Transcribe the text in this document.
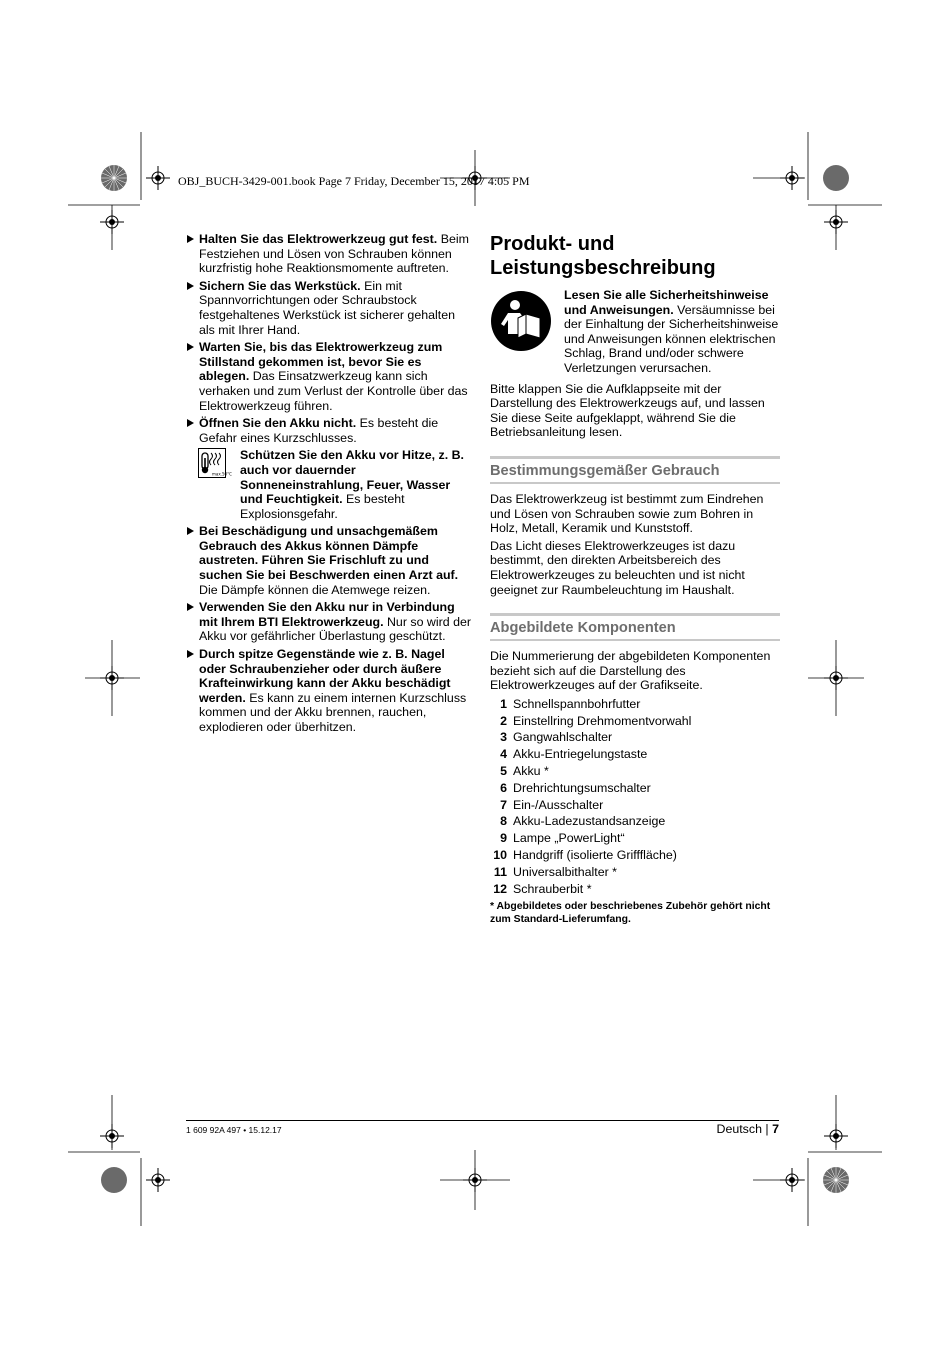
OBJ_BUCH-3429-001.book Page 7 Friday, December 15, 2017 4:05 PM
Halten Sie das Elektrowerkzeug gut fest. Beim Festziehen und Lösen von Schrauben können kurzfristig hohe Reaktionsmomente auftreten.
Sichern Sie das Werkstück. Ein mit Spannvorrichtungen oder Schraubstock festgehaltenes Werkstück ist sicherer gehalten als mit Ihrer Hand.
Warten Sie, bis das Elektrowerkzeug zum Stillstand gekommen ist, bevor Sie es ablegen. Das Einsatzwerkzeug kann sich verhaken und zum Verlust der Kontrolle über das Elektrowerkzeug führen.
Öffnen Sie den Akku nicht. Es besteht die Gefahr eines Kurzschlusses.
max.50°C
Schützen Sie den Akku vor Hitze, z. B. auch vor dauernder Sonneneinstrahlung, Feuer, Wasser und Feuchtigkeit. Es besteht Explosionsgefahr.
Bei Beschädigung und unsachgemäßem Gebrauch des Akkus können Dämpfe austreten. Führen Sie Frischluft zu und suchen Sie bei Beschwerden einen Arzt auf. Die Dämpfe können die Atemwege reizen.
Verwenden Sie den Akku nur in Verbindung mit Ihrem BTI Elektrowerkzeug. Nur so wird der Akku vor gefährlicher Überlastung geschützt.
Durch spitze Gegenstände wie z. B. Nagel oder Schraubenzieher oder durch äußere Krafteinwirkung kann der Akku beschädigt werden. Es kann zu einem internen Kurzschluss kommen und der Akku brennen, rauchen, explodieren oder überhitzen.
Produkt- und
Leistungsbeschreibung
Lesen Sie alle Sicherheitshinweise und Anweisungen. Versäumnisse bei der Einhaltung der Sicherheitshinweise und Anweisungen können elektrischen Schlag, Brand und/oder schwere Verletzungen verursachen.

Bitte klappen Sie die Aufklappseite mit der Darstellung des Elektrowerkzeugs auf, und lassen Sie diese Seite aufgeklappt, während Sie die Betriebsanleitung lesen.

Bestimmungsgemäßer Gebrauch

Das Elektrowerkzeug ist bestimmt zum Eindrehen und Lösen von Schrauben sowie zum Bohren in Holz, Metall, Keramik und Kunststoff.

Das Licht dieses Elektrowerkzeuges ist dazu bestimmt, den direkten Arbeitsbereich des Elektrowerkzeuges zu beleuchten und ist nicht geeignet zur Raumbeleuchtung im Haushalt.

Abgebildete Komponenten

Die Nummerierung der abgebildeten Komponenten bezieht sich auf die Darstellung des Elektrowerkzeuges auf der Grafikseite.

1 Schnellspannbohrfutter
2 Einstellring Drehmomentvorwahl
3 Gangwahlschalter
4 Akku-Entriegelungstaste
5 Akku *
6 Drehrichtungsumschalter
7 Ein-/Ausschalter
8 Akku-Ladezustandsanzeige
9 Lampe „PowerLight“
10 Handgriff (isolierte Grifffläche)
11 Universalbithalter *
12 Schrauberbit *
* Abgebildetes oder beschriebenes Zubehör gehört nicht zum Standard-Lieferumfang.
1 609 92A 497 • 15.12.17	Deutsch | 7
